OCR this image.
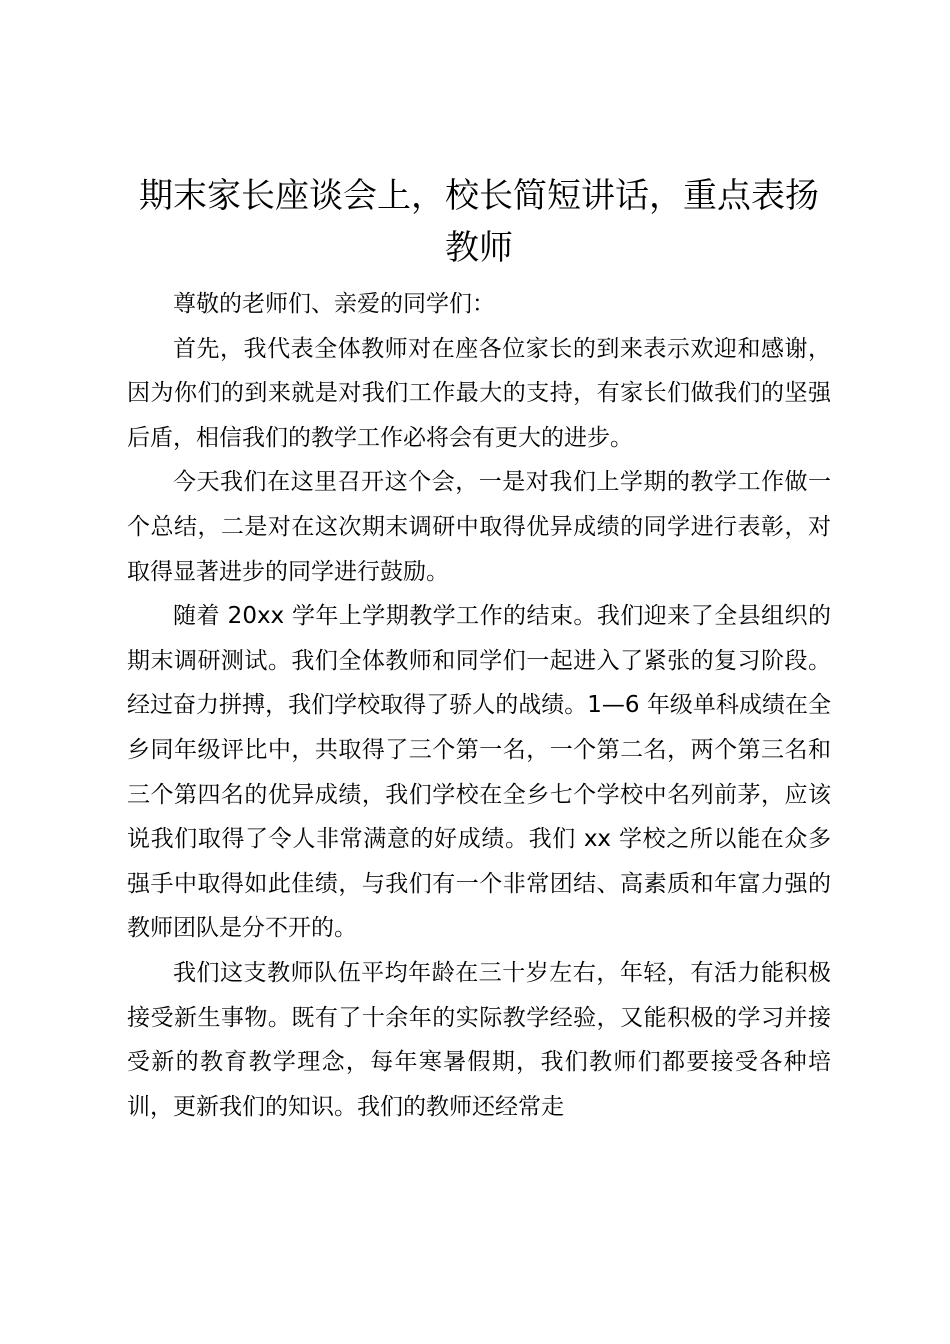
期末家长座谈会上，校长简短讲话，重点表扬教师

尊敬的老师们、亲爱的同学们：

首先，我代表全体教师对在座各位家长的到来表示欢迎和感谢，因为你们的到来就是对我们工作最大的支持，有家长们做我们的坚强后盾，相信我们的教学工作必将会有更大的进步。

今天我们在这里召开这个会，一是对我们上学期的教学工作做一个总结，二是对在这次期末调研中取得优异成绩的同学进行表彰，对取得显著进步的同学进行鼓励。

随着 20xx 学年上学期教学工作的结束。我们迎来了全县组织的期末调研测试。我们全体教师和同学们一起进入了紧张的复习阶段。经过奋力拼搏，我们学校取得了骄人的战绩。1—6 年级单科成绩在全乡同年级评比中，共取得了三个第一名，一个第二名，两个第三名和三个第四名的优异成绩，我们学校在全乡七个学校中名列前茅，应该说我们取得了令人非常满意的好成绩。我们 xx 学校之所以能在众多强手中取得如此佳绩，与我们有一个非常团结、高素质和年富力强的教师团队是分不开的。

我们这支教师队伍平均年龄在三十岁左右，年轻，有活力能积极接受新生事物。既有了十余年的实际教学经验，又能积极的学习并接受新的教育教学理念，每年寒暑假期，我们教师们都要接受各种培训，更新我们的知识。我们的教师还经常走
